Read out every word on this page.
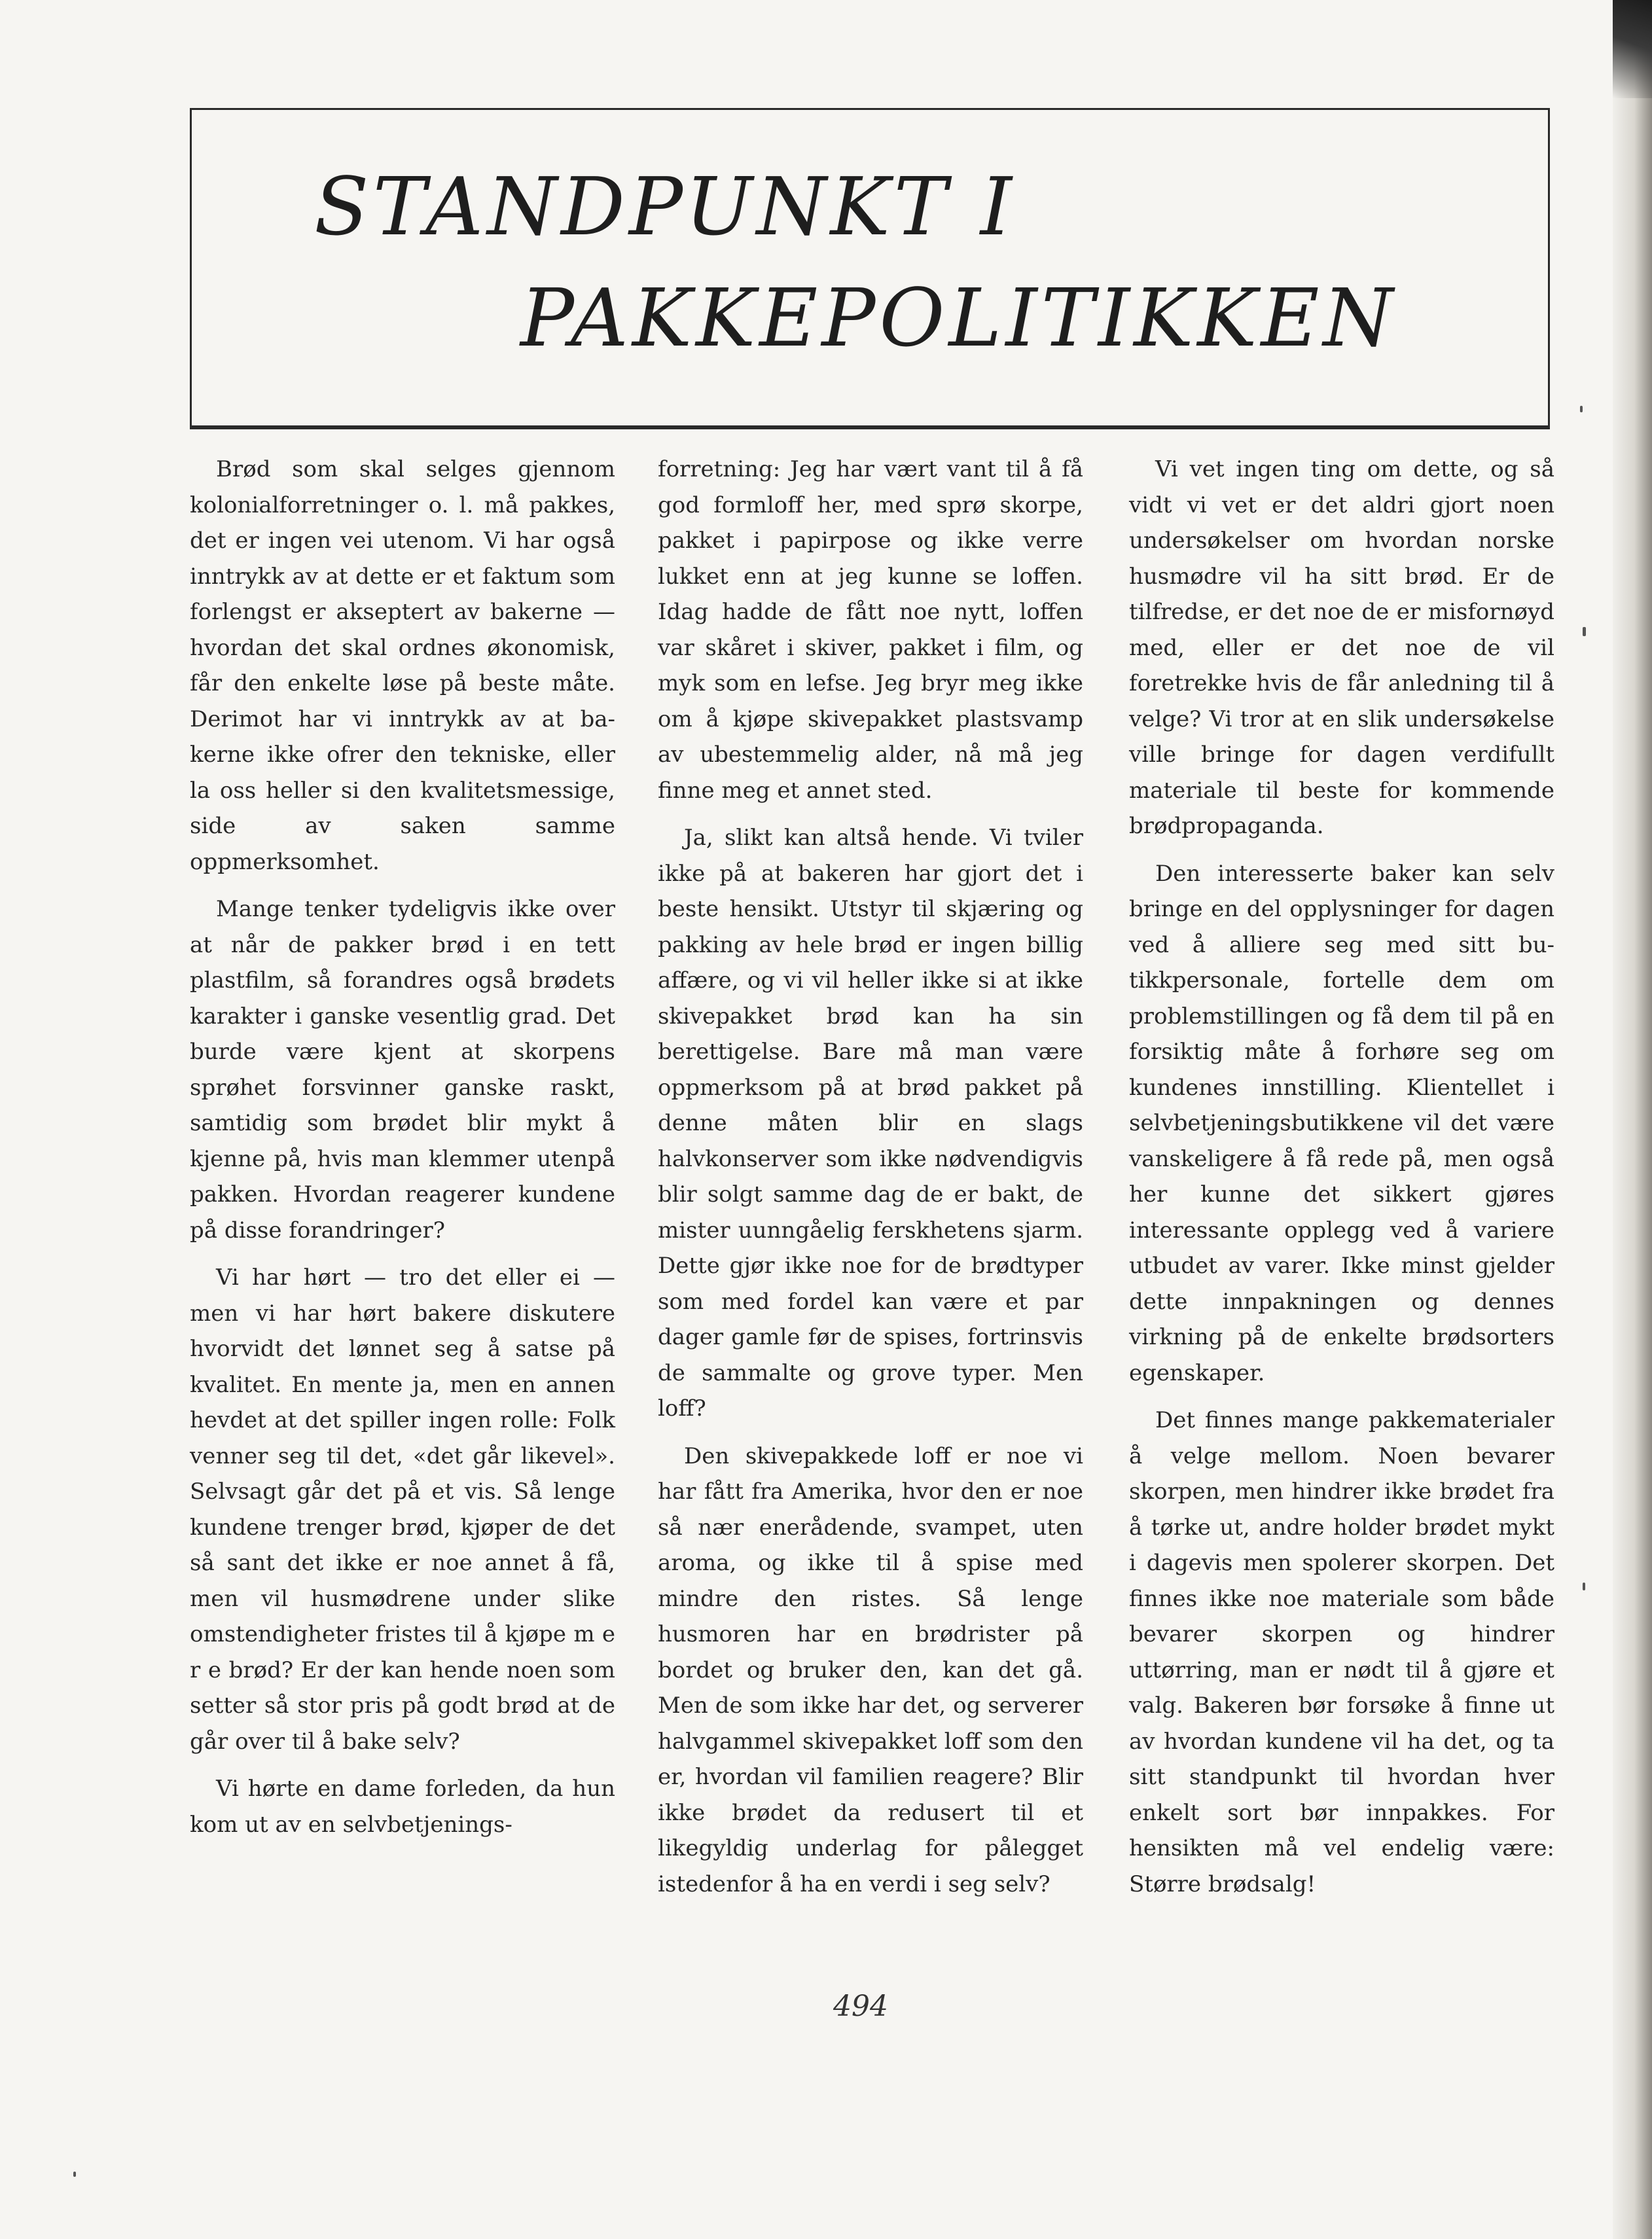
STANDPUNKT I
PAKKEPOLITIKKEN

Brød som skal selges gjennom kolonialforretninger o. l. må pakkes, det er ingen vei utenom. Vi har også inntrykk av at dette er et faktum som forlengst er akseptert av bakerne — hvordan det skal ordnes økonomisk, får den enkelte løse på beste måte. Derimot har vi inntrykk av at bakerne ikke ofrer den tekniske, eller la oss heller si den kvalitetsmessige, side av saken samme oppmerksomhet.

Mange tenker tydeligvis ikke over at når de pakker brød i en tett plastfilm, så forandres også brødets karakter i ganske vesentlig grad. Det burde være kjent at skorpens sprøhet forsvinner ganske raskt, samtidig som brødet blir mykt å kjenne på, hvis man klemmer utenpå pakken. Hvordan reagerer kundene på disse forandringer?

Vi har hørt — tro det eller ei — men vi har hørt bakere diskutere hvorvidt det lønnet seg å satse på kvalitet. En mente ja, men en annen hevdet at det spiller ingen rolle: Folk venner seg til det, «det går likevel». Selvsagt går det på et vis. Så lenge kundene trenger brød, kjøper de det så sant det ikke er noe annet å få, men vil husmødrene under slike omstendigheter fristes til å kjøpe m e r e brød? Er der kan hende noen som setter så stor pris på godt brød at de går over til å bake selv?

Vi hørte en dame forleden, da hun kom ut av en selvbetjenings-

forretning: Jeg har vært vant til å få god formloff her, med sprø skorpe, pakket i papirpose og ikke verre lukket enn at jeg kunne se loffen. Idag hadde de fått noe nytt, loffen var skåret i skiver, pakket i film, og myk som en lefse. Jeg bryr meg ikke om å kjøpe skivepakket plastsvamp av ubestemmelig alder, nå må jeg finne meg et annet sted.

Ja, slikt kan altså hende. Vi tviler ikke på at bakeren har gjort det i beste hensikt. Utstyr til skjæring og pakking av hele brød er ingen billig affære, og vi vil heller ikke si at ikke skivepakket brød kan ha sin berettigelse. Bare må man være oppmerksom på at brød pakket på denne måten blir en slags halvkonserver som ikke nødvendigvis blir solgt samme dag de er bakt, de mister uunngåelig ferskhetens sjarm. Dette gjør ikke noe for de brødtyper som med fordel kan være et par dager gamle før de spises, fortrinsvis de sammalte og grove typer. Men loff?

Den skivepakkede loff er noe vi har fått fra Amerika, hvor den er noe så nær enerådende, svampet, uten aroma, og ikke til å spise med mindre den ristes. Så lenge husmoren har en brødrister på bordet og bruker den, kan det gå. Men de som ikke har det, og serverer halvgammel skivepakket loff som den er, hvordan vil familien reagere? Blir ikke brødet da redusert til et likegyldig underlag for pålegget istedenfor å ha en verdi i seg selv?

Vi vet ingen ting om dette, og så vidt vi vet er det aldri gjort noen undersøkelser om hvordan norske husmødre vil ha sitt brød. Er de tilfredse, er det noe de er misfornøyd med, eller er det noe de vil foretrekke hvis de får anledning til å velge? Vi tror at en slik undersøkelse ville bringe for dagen verdifullt materiale til beste for kommende brødpropaganda.

Den interesserte baker kan selv bringe en del opplysninger for dagen ved å alliere seg med sitt butikkpersonale, fortelle dem om problemstillingen og få dem til på en forsiktig måte å forhøre seg om kundenes innstilling. Klientellet i selvbetjeningsbutikkene vil det være vanskeligere å få rede på, men også her kunne det sikkert gjøres interessante opplegg ved å variere utbudet av varer. Ikke minst gjelder dette innpakningen og dennes virkning på de enkelte brødsorters egenskaper.

Det finnes mange pakkematerialer å velge mellom. Noen bevarer skorpen, men hindrer ikke brødet fra å tørke ut, andre holder brødet mykt i dagevis men spolerer skorpen. Det finnes ikke noe materiale som både bevarer skorpen og hindrer uttørring, man er nødt til å gjøre et valg. Bakeren bør forsøke å finne ut av hvordan kundene vil ha det, og ta sitt standpunkt til hvordan hver enkelt sort bør innpakkes. For hensikten må vel endelig være: Større brødsalg!

494
